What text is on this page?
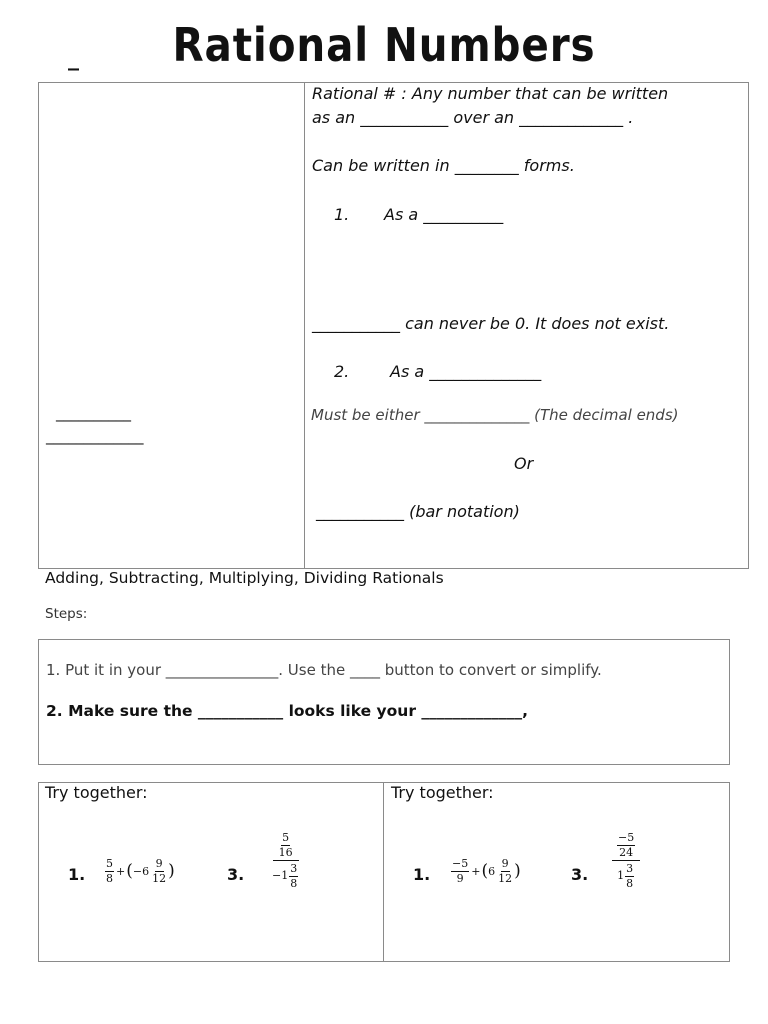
_	Rational Numbers
__________
_____________
Rational # : Any number that can be written
as an ___________ over an _____________ .
Can be written in ________ forms.
1. As a __________
___________ can never be 0. It does not exist.
2.	As a ______________
Must be either ______________ (The decimal ends)
Or
___________ (bar notation)
Adding, Subtracting, Multiplying, Dividing Rationals
Steps:
1. Put it in your _______________. Use the ____ button to convert or simplify.
2. Make sure the ___________ looks like your _____________,
Try together:
1. $\frac{5}{8}$ + ( $-6 \frac{9}{12}$ )	3. $\frac{\frac{5}{16}}{-1 \frac{3}{8}}$
Try together:
1. $\frac{-5}{9}$ + ( $6 \frac{9}{12}$ )	3. $\frac{\frac{-5}{24}}{1 \frac{3}{8}}$
